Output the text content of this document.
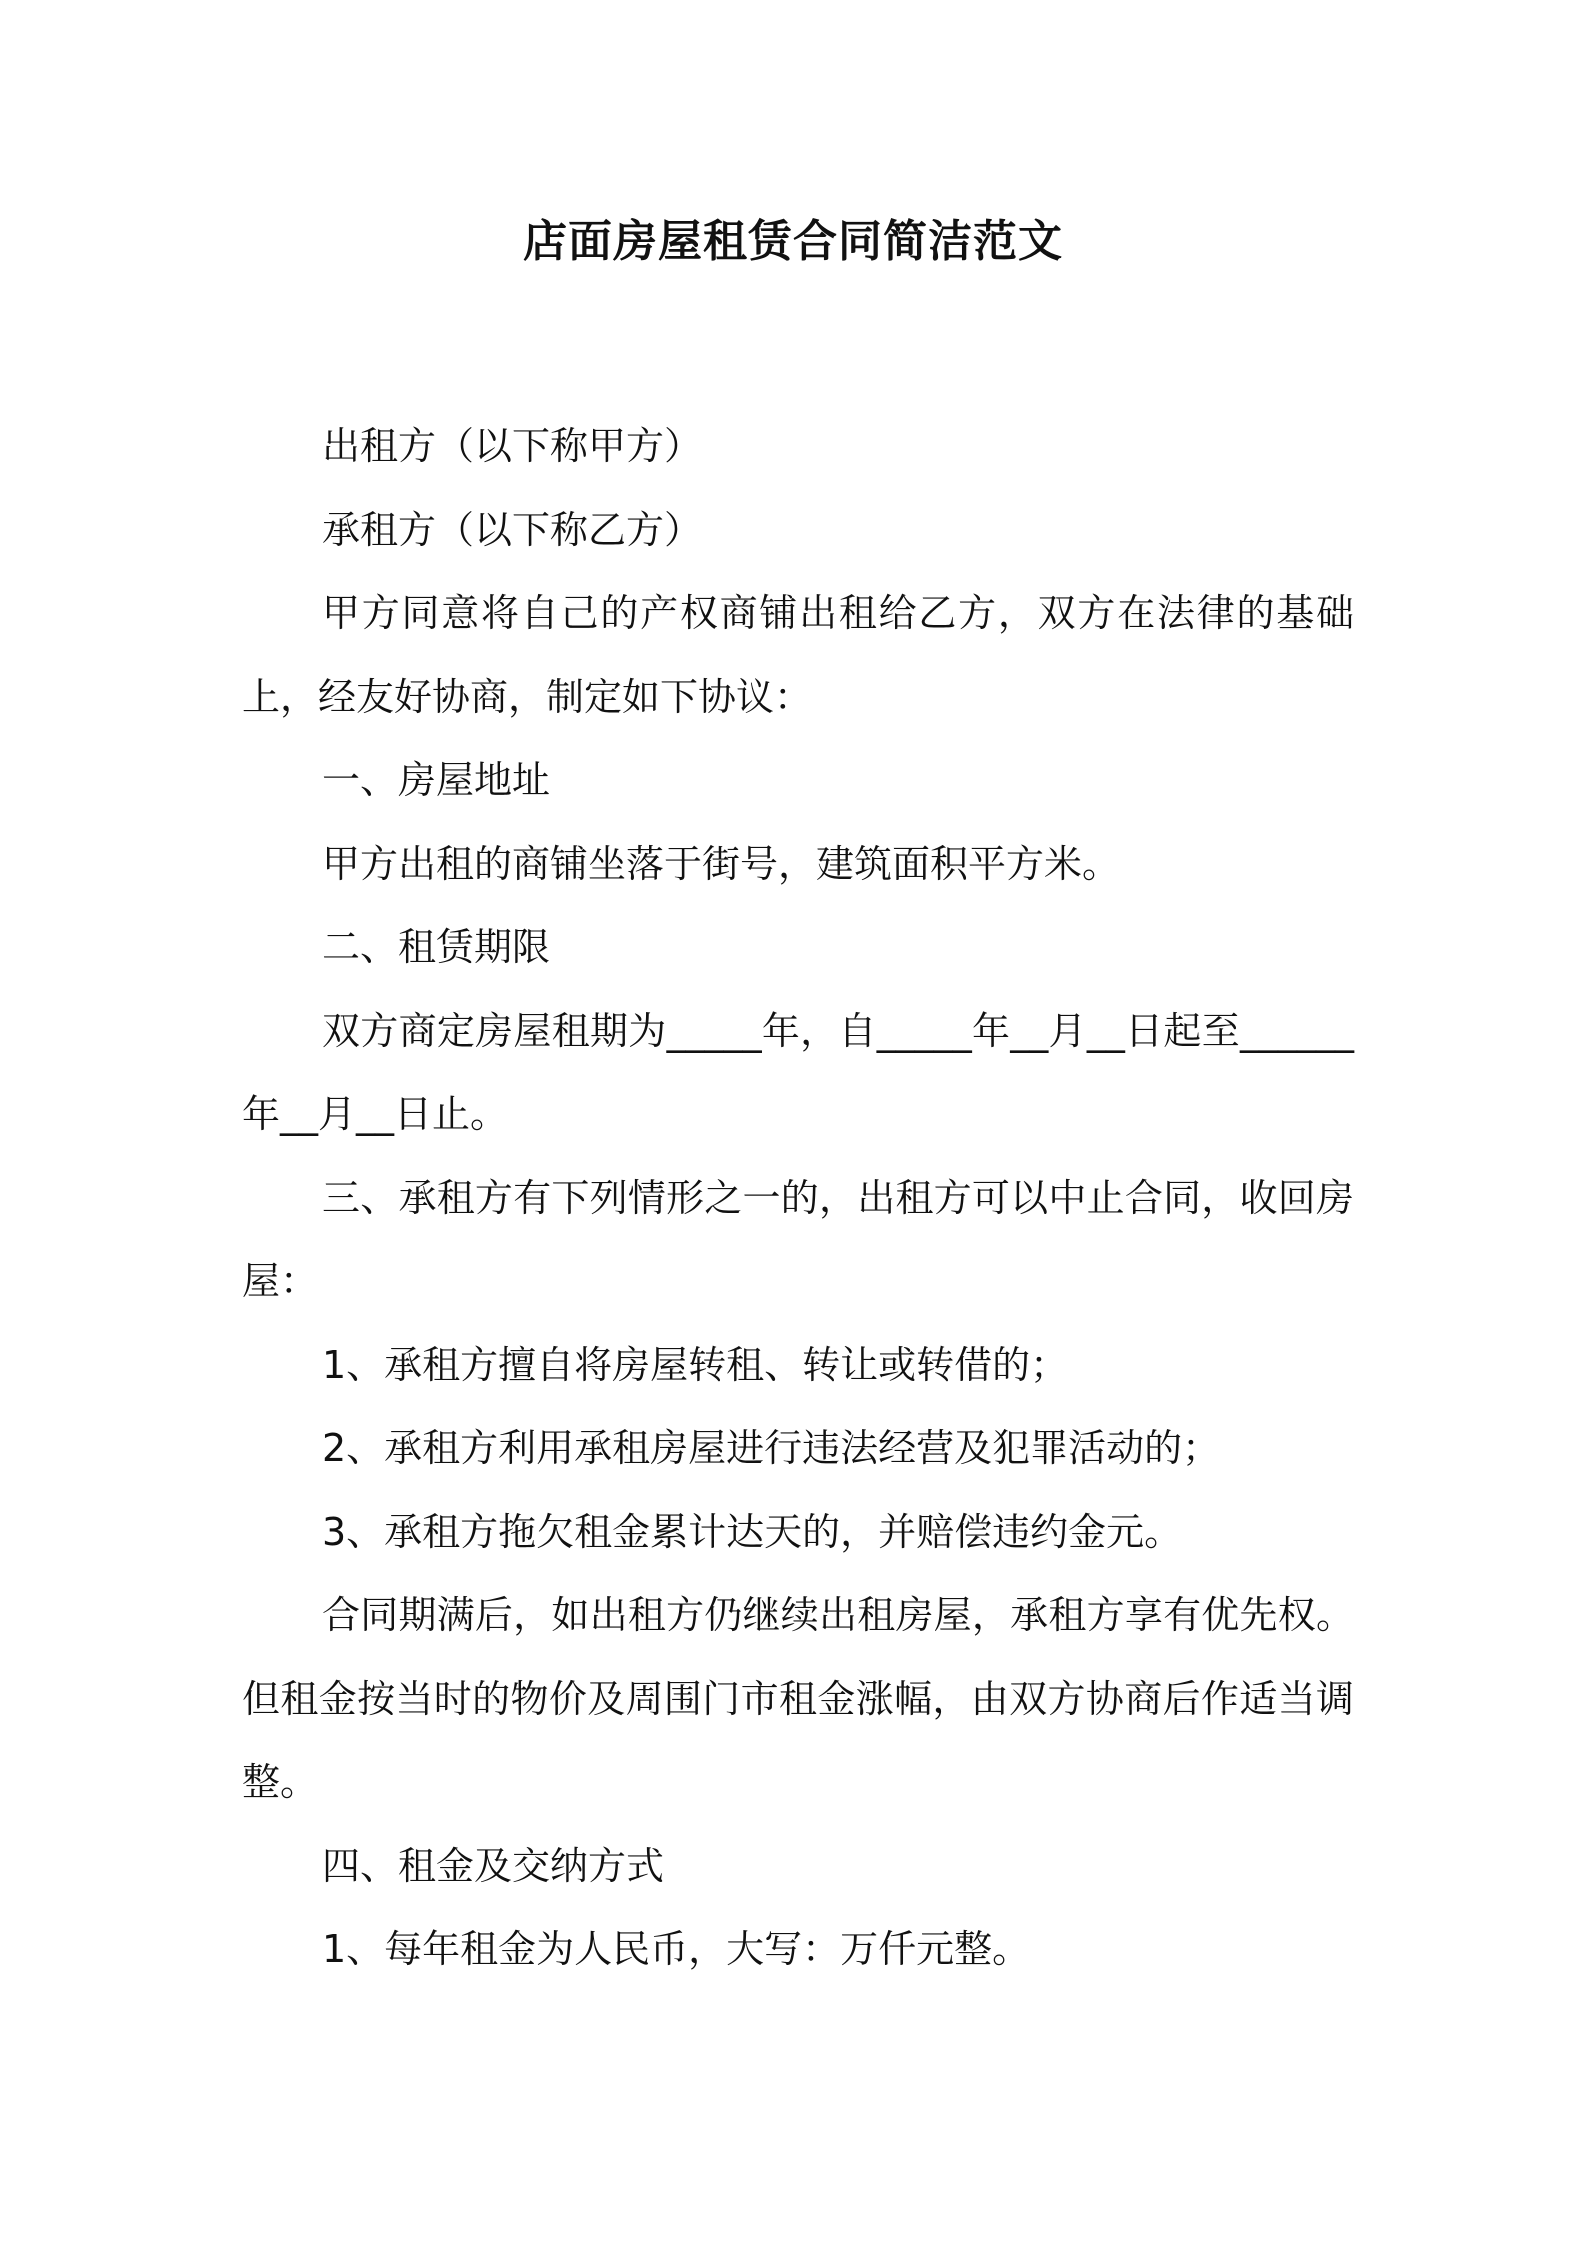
店面房屋租赁合同简洁范文

出租方（以下称甲方）

承租方（以下称乙方）

甲方同意将自己的产权商铺出租给乙方，双方在法律的基础上，经友好协商，制定如下协议：

一、房屋地址

甲方出租的商铺坐落于街号，建筑面积平方米。

二、租赁期限

双方商定房屋租期为_____年，自_____年__月__日起至______年__月__日止。

三、承租方有下列情形之一的，出租方可以中止合同，收回房屋：

1、承租方擅自将房屋转租、转让或转借的；

2、承租方利用承租房屋进行违法经营及犯罪活动的；

3、承租方拖欠租金累计达天的，并赔偿违约金元。

合同期满后，如出租方仍继续出租房屋，承租方享有优先权。但租金按当时的物价及周围门市租金涨幅，由双方协商后作适当调整。

四、租金及交纳方式

1、每年租金为人民币，大写：万仟元整。
